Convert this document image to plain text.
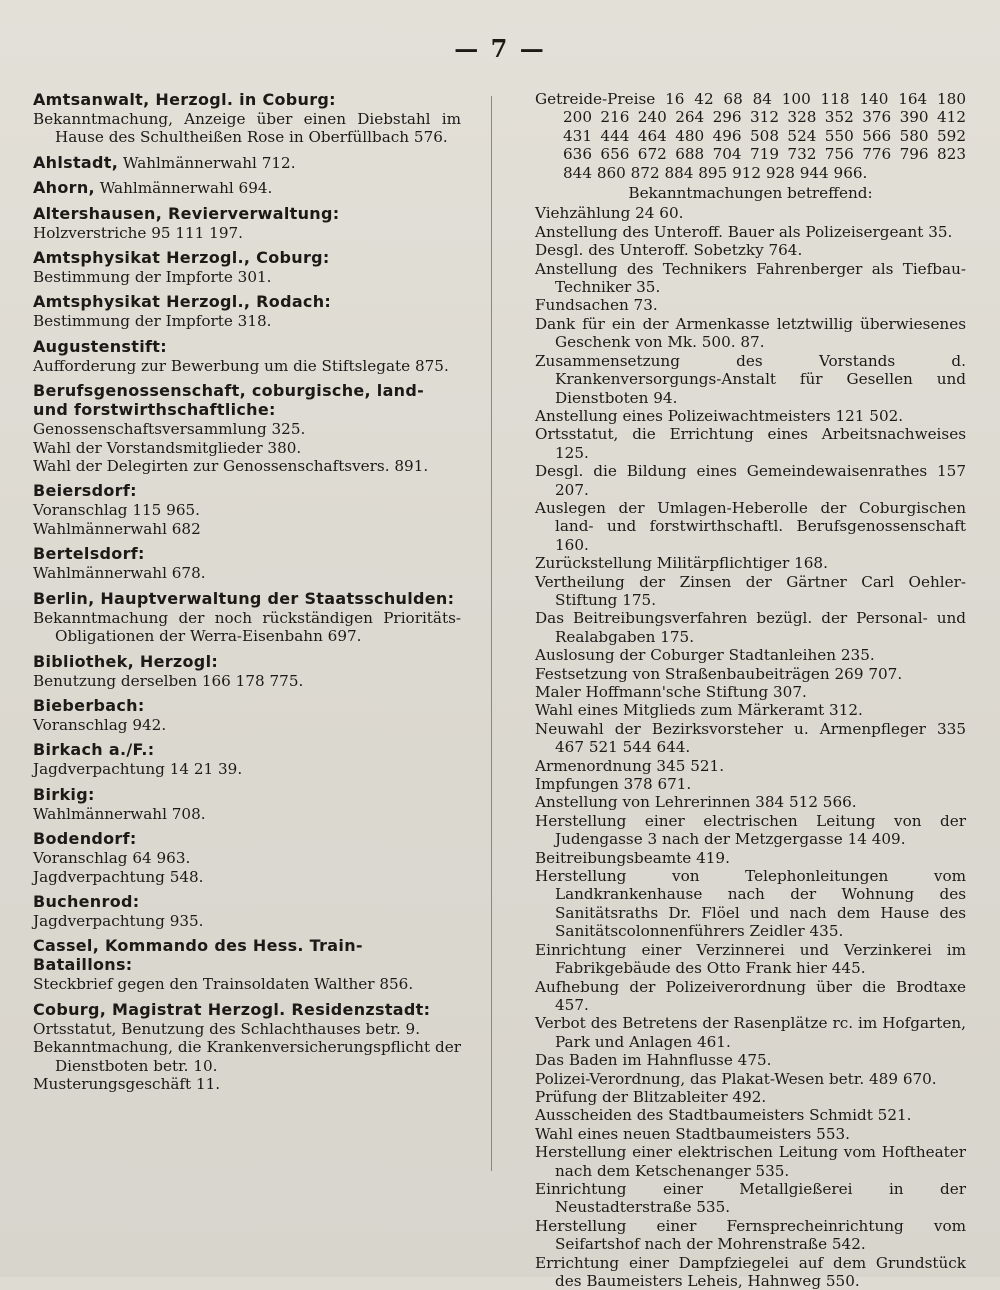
— 7 —
Amtsanwalt, Herzogl. in Coburg:
Bekanntmachung, Anzeige über einen Diebstahl im Hause des Schultheißen Rose in Oberfüllbach 576.
Ahlstadt, Wahlmännerwahl 712.
Ahorn, Wahlmännerwahl 694.
Altershausen, Revierverwaltung:
Holzverstriche 95 111 197.
Amtsphysikat Herzogl., Coburg:
Bestimmung der Impforte 301.
Amtsphysikat Herzogl., Rodach:
Bestimmung der Impforte 318.
Augustenstift:
Aufforderung zur Bewerbung um die Stiftslegate 875.
Berufsgenossenschaft, coburgische, land- und forstwirthschaftliche:
Genossenschaftsversammlung 325.
Wahl der Vorstandsmitglieder 380.
Wahl der Delegirten zur Genossenschaftsvers. 891.
Beiersdorf:
Voranschlag 115 965.
Wahlmännerwahl 682
Bertelsdorf:
Wahlmännerwahl 678.
Berlin, Hauptverwaltung der Staatsschulden:
Bekanntmachung der noch rückständigen Prioritäts-Obligationen der Werra-Eisenbahn 697.
Bibliothek, Herzogl:
Benutzung derselben 166 178 775.
Bieberbach:
Voranschlag 942.
Birkach a./F.:
Jagdverpachtung 14 21 39.
Birkig:
Wahlmännerwahl 708.
Bodendorf:
Voranschlag 64 963.
Jagdverpachtung 548.
Buchenrod:
Jagdverpachtung 935.
Cassel, Kommando des Hess. Train-Bataillons:
Steckbrief gegen den Trainsoldaten Walther 856.
Coburg, Magistrat Herzogl. Residenzstadt:
Ortsstatut, Benutzung des Schlachthauses betr. 9.
Bekanntmachung, die Krankenversicherungspflicht der Dienstboten betr. 10.
Musterungsgeschäft 11.
Getreide-Preise 16 42 68 84 100 118 140 164 180
200 216 240 264 296 312 328 352 376 390 412
431 444 464 480 496 508 524 550 566 580 592
636 656 672 688 704 719 732 756 776 796 823
844 860 872 884 895 912 928 944 966.
Bekanntmachungen betreffend:
Viehzählung 24 60.
Anstellung des Unteroff. Bauer als Polizeisergeant 35.
Desgl. des Unteroff. Sobetzky 764.
Anstellung des Technikers Fahrenberger als Tiefbau-Techniker 35.
Fundsachen 73.
Dank für ein der Armenkasse letztwillig überwiesenes Geschenk von Mk. 500. 87.
Zusammensetzung des Vorstands d. Krankenversorgungs-Anstalt für Gesellen und Dienstboten 94.
Anstellung eines Polizeiwachtmeisters 121 502.
Ortsstatut, die Errichtung eines Arbeitsnachweises 125.
Desgl. die Bildung eines Gemeindewaisenrathes 157 207.
Auslegen der Umlagen-Heberolle der Coburgischen land- und forstwirthschaftl. Berufsgenossenschaft 160.
Zurückstellung Militärpflichtiger 168.
Vertheilung der Zinsen der Gärtner Carl Oehler-Stiftung 175.
Das Beitreibungsverfahren bezügl. der Personal- und Realabgaben 175.
Auslosung der Coburger Stadtanleihen 235.
Festsetzung von Straßenbaubeiträgen 269 707.
Maler Hoffmann'sche Stiftung 307.
Wahl eines Mitglieds zum Märkeramt 312.
Neuwahl der Bezirksvorsteher u. Armenpfleger 335 467 521 544 644.
Armenordnung 345 521.
Impfungen 378 671.
Anstellung von Lehrerinnen 384 512 566.
Herstellung einer electrischen Leitung von der Judengasse 3 nach der Metzgergasse 14 409.
Beitreibungsbeamte 419.
Herstellung von Telephonleitungen vom Landkrankenhause nach der Wohnung des Sanitätsraths Dr. Flöel und nach dem Hause des Sanitätscolonnenführers Zeidler 435.
Einrichtung einer Verzinnerei und Verzinkerei im Fabrikgebäude des Otto Frank hier 445.
Aufhebung der Polizeiverordnung über die Brodtaxe 457.
Verbot des Betretens der Rasenplätze rc. im Hofgarten, Park und Anlagen 461.
Das Baden im Hahnflusse 475.
Polizei-Verordnung, das Plakat-Wesen betr. 489 670.
Prüfung der Blitzableiter 492.
Ausscheiden des Stadtbaumeisters Schmidt 521.
Wahl eines neuen Stadtbaumeisters 553.
Herstellung einer elektrischen Leitung vom Hoftheater nach dem Ketschenanger 535.
Einrichtung einer Metallgießerei in der Neustadterstraße 535.
Herstellung einer Fernsprecheinrichtung vom Seifartshof nach der Mohrenstraße 542.
Errichtung einer Dampfziegelei auf dem Grundstück des Baumeisters Leheis, Hahnweg 550.
